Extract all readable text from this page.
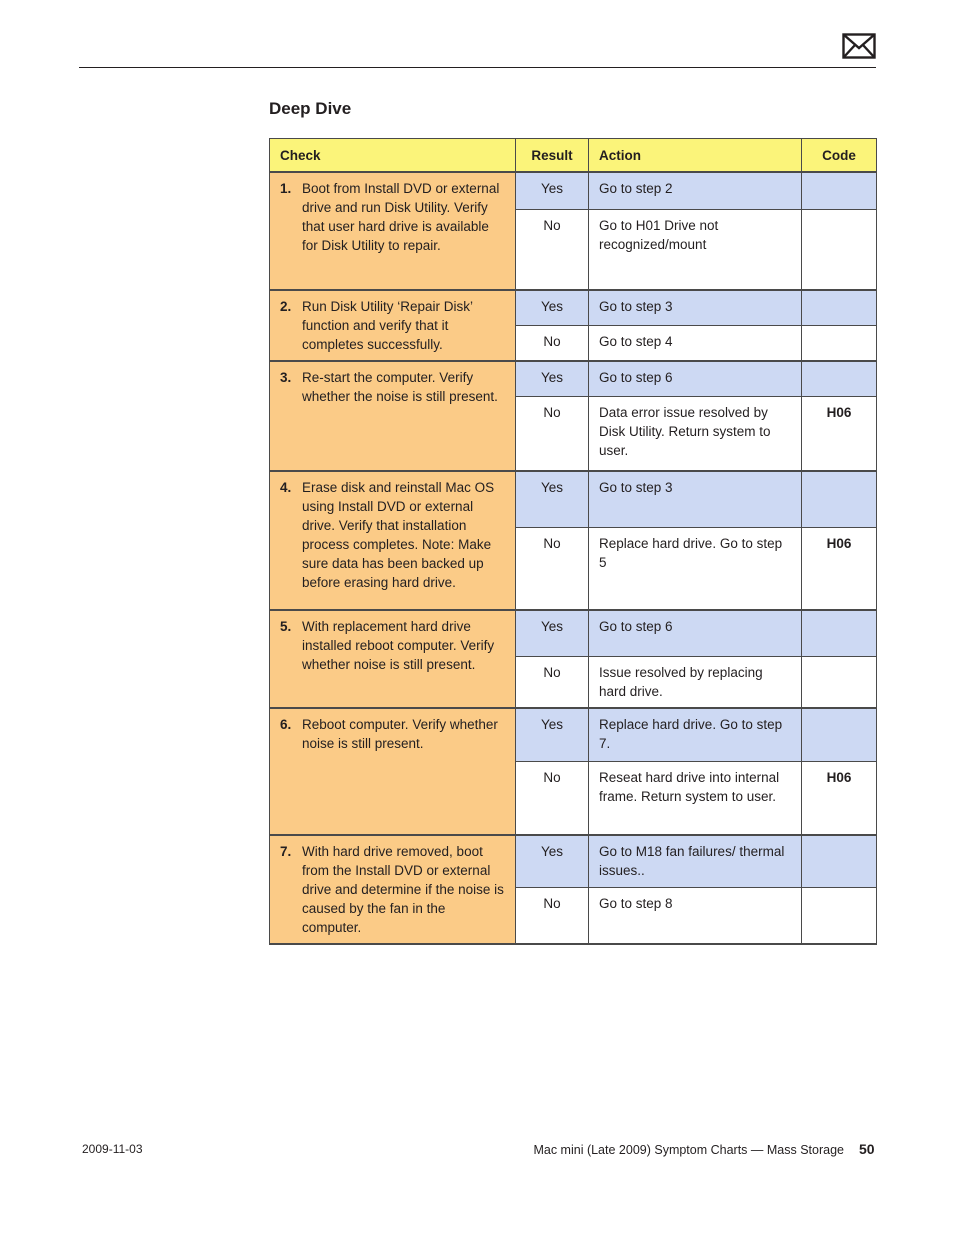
Deep Dive
Check	Result	Action	Code

1. Boot from Install DVD or external drive and run Disk Utility. Verify that user hard drive is available for Disk Utility to repair.	Yes	Go to step 2	
	No	Go to H01 Drive not recognized/mount	

2. Run Disk Utility ‘Repair Disk’ function and verify that it completes successfully.	Yes	Go to step 3	
	No	Go to step 4	

3. Re-start the computer. Verify whether the noise is still present.	Yes	Go to step 6	
	No	Data error issue resolved by Disk Utility. Return system to user.	H06

4. Erase disk and reinstall Mac OS using Install DVD or external drive. Verify that installation process completes. Note: Make sure data has been backed up before erasing hard drive.	Yes	Go to step 3	
	No	Replace hard drive. Go to step 5	H06

5. With replacement hard drive installed reboot computer. Verify whether noise is still present.	Yes	Go to step 6	
	No	Issue resolved by replacing hard drive.	

6. Reboot computer. Verify whether noise is still present.	Yes	Replace hard drive. Go to step 7.	
	No	Reseat hard drive into internal frame. Return system to user.	H06

7. With hard drive removed, boot from the Install DVD or external drive and determine if the noise is caused by the fan in the computer.	Yes	Go to M18 fan failures/ thermal issues..	
	No	Go to step 8	
2009-11-03	Mac mini (Late 2009) Symptom Charts — Mass Storage 50
